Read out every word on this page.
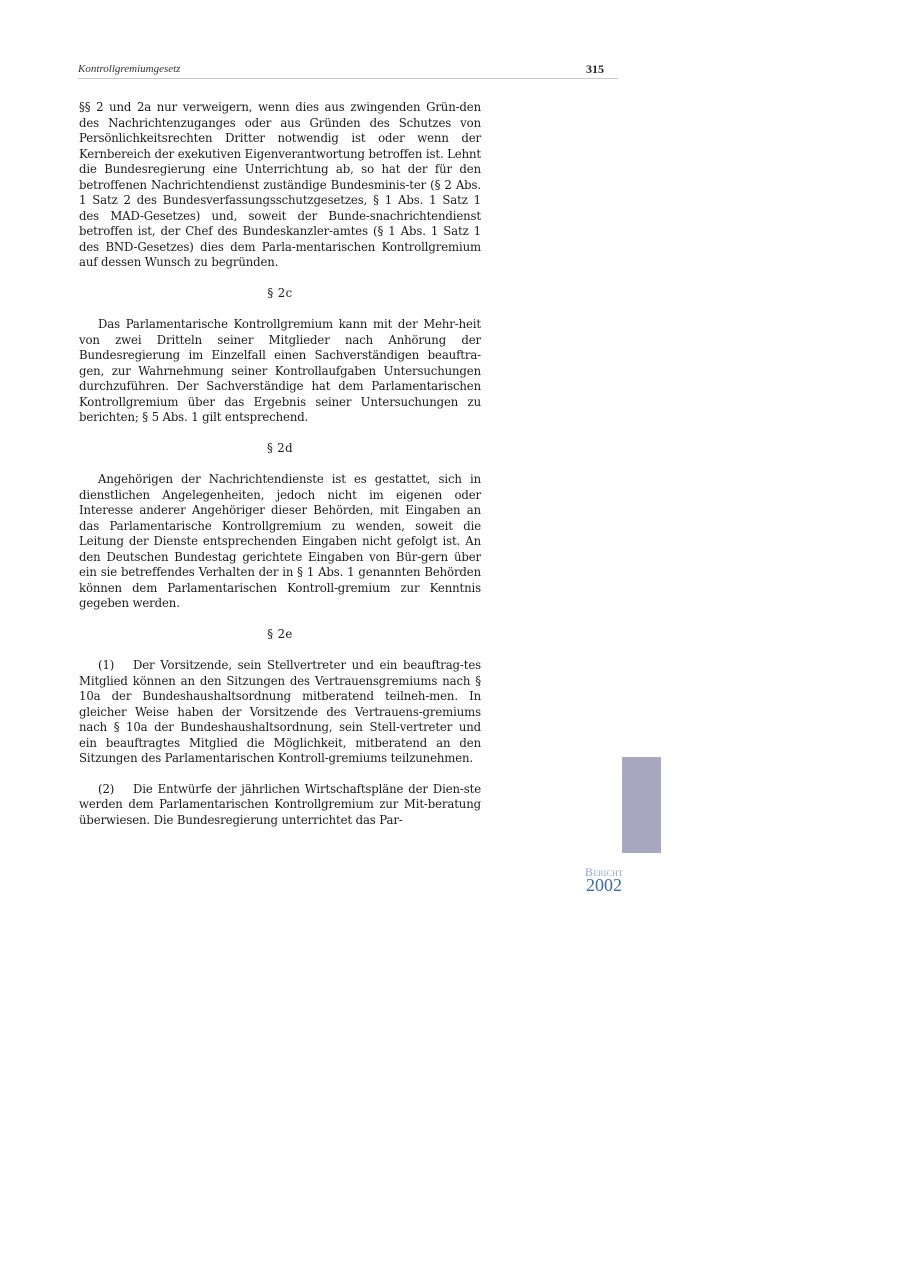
Kontrollgremiumgesetz	315

§§ 2 und 2a nur verweigern, wenn dies aus zwingenden Grün-den des Nachrichtenzuganges oder aus Gründen des Schutzes von Persönlichkeitsrechten Dritter notwendig ist oder wenn der Kernbereich der exekutiven Eigenverantwortung betroffen ist. Lehnt die Bundesregierung eine Unterrichtung ab, so hat der für den betroffenen Nachrichtendienst zuständige Bundesminis-ter (§ 2 Abs. 1 Satz 2 des Bundesverfassungsschutzgesetzes, § 1 Abs. 1 Satz 1 des MAD-Gesetzes) und, soweit der Bunde-snachrichtendienst betroffen ist, der Chef des Bundeskanzler-amtes (§ 1 Abs. 1 Satz 1 des BND-Gesetzes) dies dem Parla-mentarischen Kontrollgremium auf dessen Wunsch zu begründen.

§ 2c

Das Parlamentarische Kontrollgremium kann mit der Mehr-heit von zwei Dritteln seiner Mitglieder nach Anhörung der Bundesregierung im Einzelfall einen Sachverständigen beauftra-gen, zur Wahrnehmung seiner Kontrollaufgaben Untersuchungen durchzuführen. Der Sachverständige hat dem Parlamentarischen Kontrollgremium über das Ergebnis seiner Untersuchungen zu berichten; § 5 Abs. 1 gilt entsprechend.

§ 2d

Angehörigen der Nachrichtendienste ist es gestattet, sich in dienstlichen Angelegenheiten, jedoch nicht im eigenen oder Interesse anderer Angehöriger dieser Behörden, mit Eingaben an das Parlamentarische Kontrollgremium zu wenden, soweit die Leitung der Dienste entsprechenden Eingaben nicht gefolgt ist. An den Deutschen Bundestag gerichtete Eingaben von Bür-gern über ein sie betreffendes Verhalten der in § 1 Abs. 1 genannten Behörden können dem Parlamentarischen Kontroll-gremium zur Kenntnis gegeben werden.

§ 2e

(1) Der Vorsitzende, sein Stellvertreter und ein beauftrag-tes Mitglied können an den Sitzungen des Vertrauensgremiums nach § 10a der Bundeshaushaltsordnung mitberatend teilneh-men. In gleicher Weise haben der Vorsitzende des Vertrauens-gremiums nach § 10a der Bundeshaushaltsordnung, sein Stell-vertreter und ein beauftragtes Mitglied die Möglichkeit, mitberatend an den Sitzungen des Parlamentarischen Kontroll-gremiums teilzunehmen.

(2) Die Entwürfe der jährlichen Wirtschaftspläne der Dien-ste werden dem Parlamentarischen Kontrollgremium zur Mit-beratung überwiesen. Die Bundesregierung unterrichtet das Par-

Bericht
2002
